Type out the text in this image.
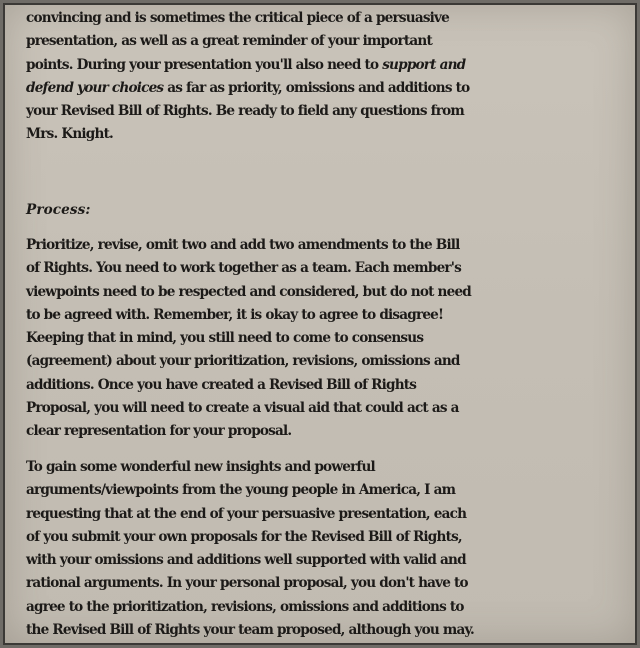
convincing and is sometimes the critical piece of a persuasive
presentation, as well as a great reminder of your important
points. During your presentation you'll also need to support and
defend your choices as far as priority, omissions and additions to
your Revised Bill of Rights. Be ready to field any questions from
Mrs. Knight.
Process:
Prioritize, revise, omit two and add two amendments to the Bill
of Rights. You need to work together as a team. Each member's
viewpoints need to be respected and considered, but do not need
to be agreed with. Remember, it is okay to agree to disagree!
Keeping that in mind, you still need to come to consensus
(agreement) about your prioritization, revisions, omissions and
additions. Once you have created a Revised Bill of Rights
Proposal, you will need to create a visual aid that could act as a
clear representation for your proposal.
To gain some wonderful new insights and powerful
arguments/viewpoints from the young people in America, I am
requesting that at the end of your persuasive presentation, each
of you submit your own proposals for the Revised Bill of Rights,
with your omissions and additions well supported with valid and
rational arguments. In your personal proposal, you don't have to
agree to the prioritization, revisions, omissions and additions to
the Revised Bill of Rights your team proposed, although you may.
